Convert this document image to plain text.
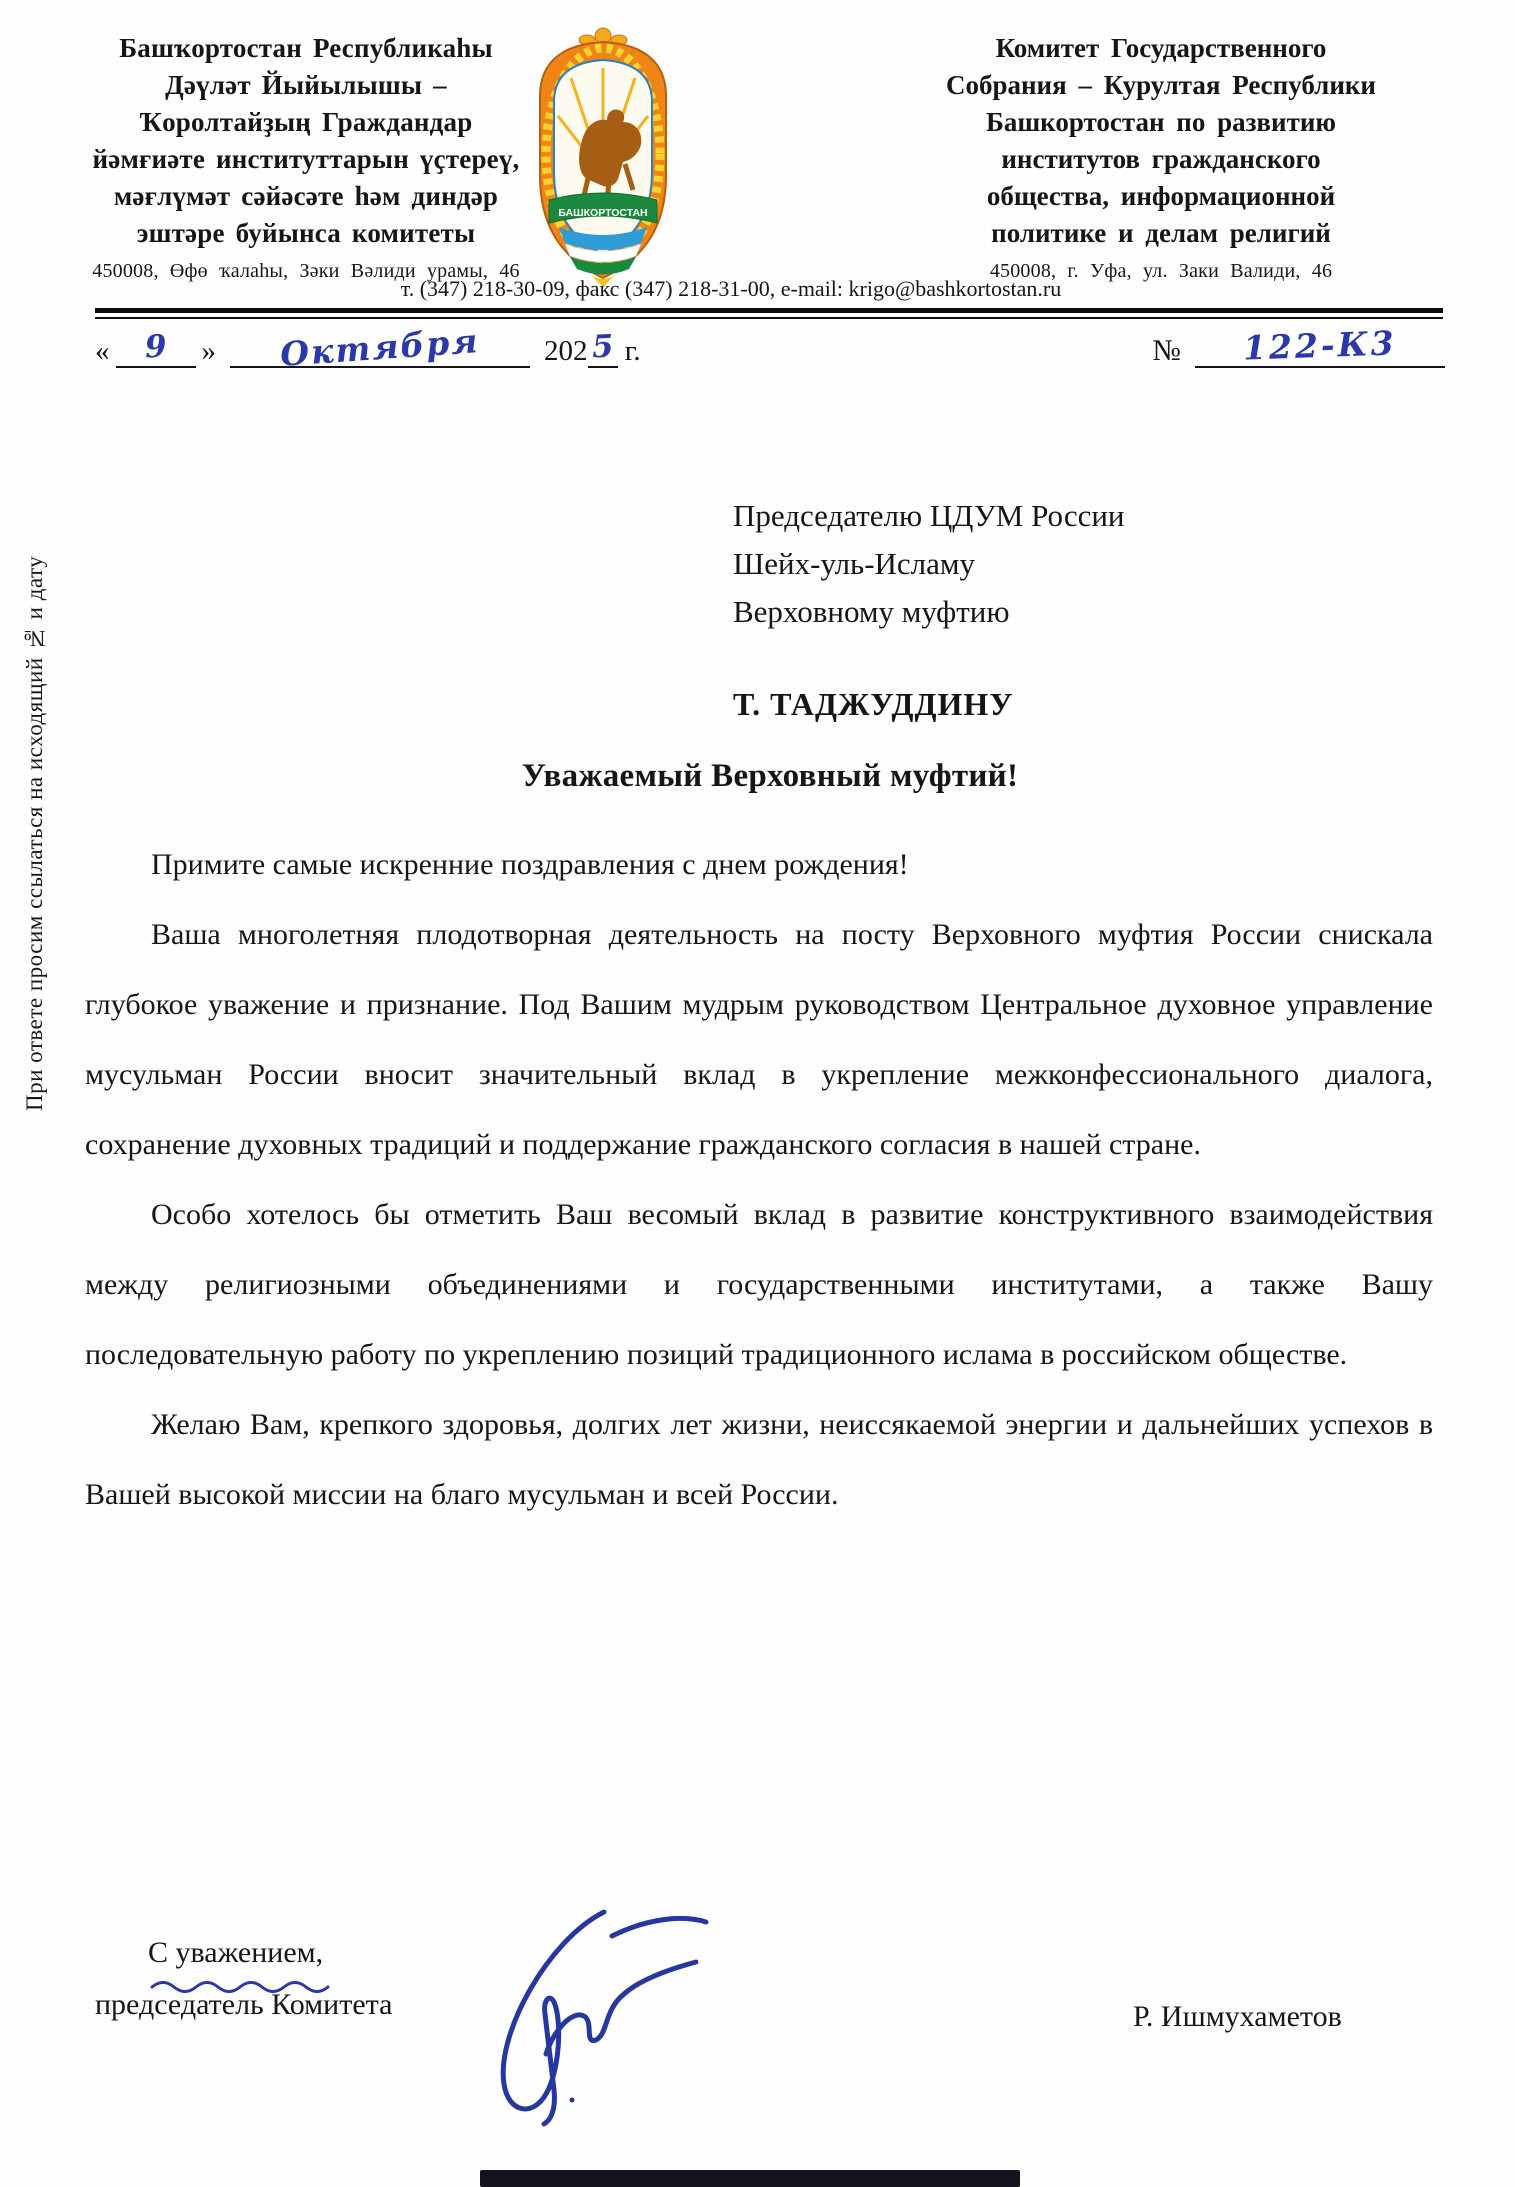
Башҡортостан Республикаһы
Дәүләт Йыйылышы –
Ҡоролтайҙың Граждандар
йәмғиәте институттарын үҫтереү,
мәғлүмәт сәйәсәте һәм диндәр
эштәре буйынса комитеты
450008, Өфө ҡалаһы, Зәки Вәлиди урамы, 46
БАШКОРТОСТАН
Комитет Государственного
Собрания – Курултая Республики
Башкортостан по развитию
институтов гражданского
общества, информационной
политике и делам религий
450008, г. Уфа, ул. Заки Валиди, 46
т. (347) 218-30-09, факс (347) 218-31-00, e-mail: krigo@bashkortostan.ru
« 9 » Октября 202 5 г.	№ 122-К3
При ответе просим ссылаться на исходящий № и дату
Председателю ЦДУМ России
Шейх-уль-Исламу
Верховному муфтию
Т. ТАДЖУДДИНУ
Уважаемый Верховный муфтий!

Примите самые искренние поздравления с днем рождения!

Ваша многолетняя плодотворная деятельность на посту Верховного муфтия России снискала глубокое уважение и признание. Под Вашим мудрым руководством Центральное духовное управление мусульман России вносит значительный вклад в укрепление межконфессионального диалога, сохранение духовных традиций и поддержание гражданского согласия в нашей стране.

Особо хотелось бы отметить Ваш весомый вклад в развитие конструктивного взаимодействия между религиозными объединениями и государственными институтами, а также Вашу последовательную работу по укреплению позиций традиционного ислама в российском обществе.

Желаю Вам, крепкого здоровья, долгих лет жизни, неиссякаемой энергии и дальнейших успехов в Вашей высокой миссии на благо мусульман и всей России.

С уважением,
председатель Комитета	Р. Ишмухаметов
